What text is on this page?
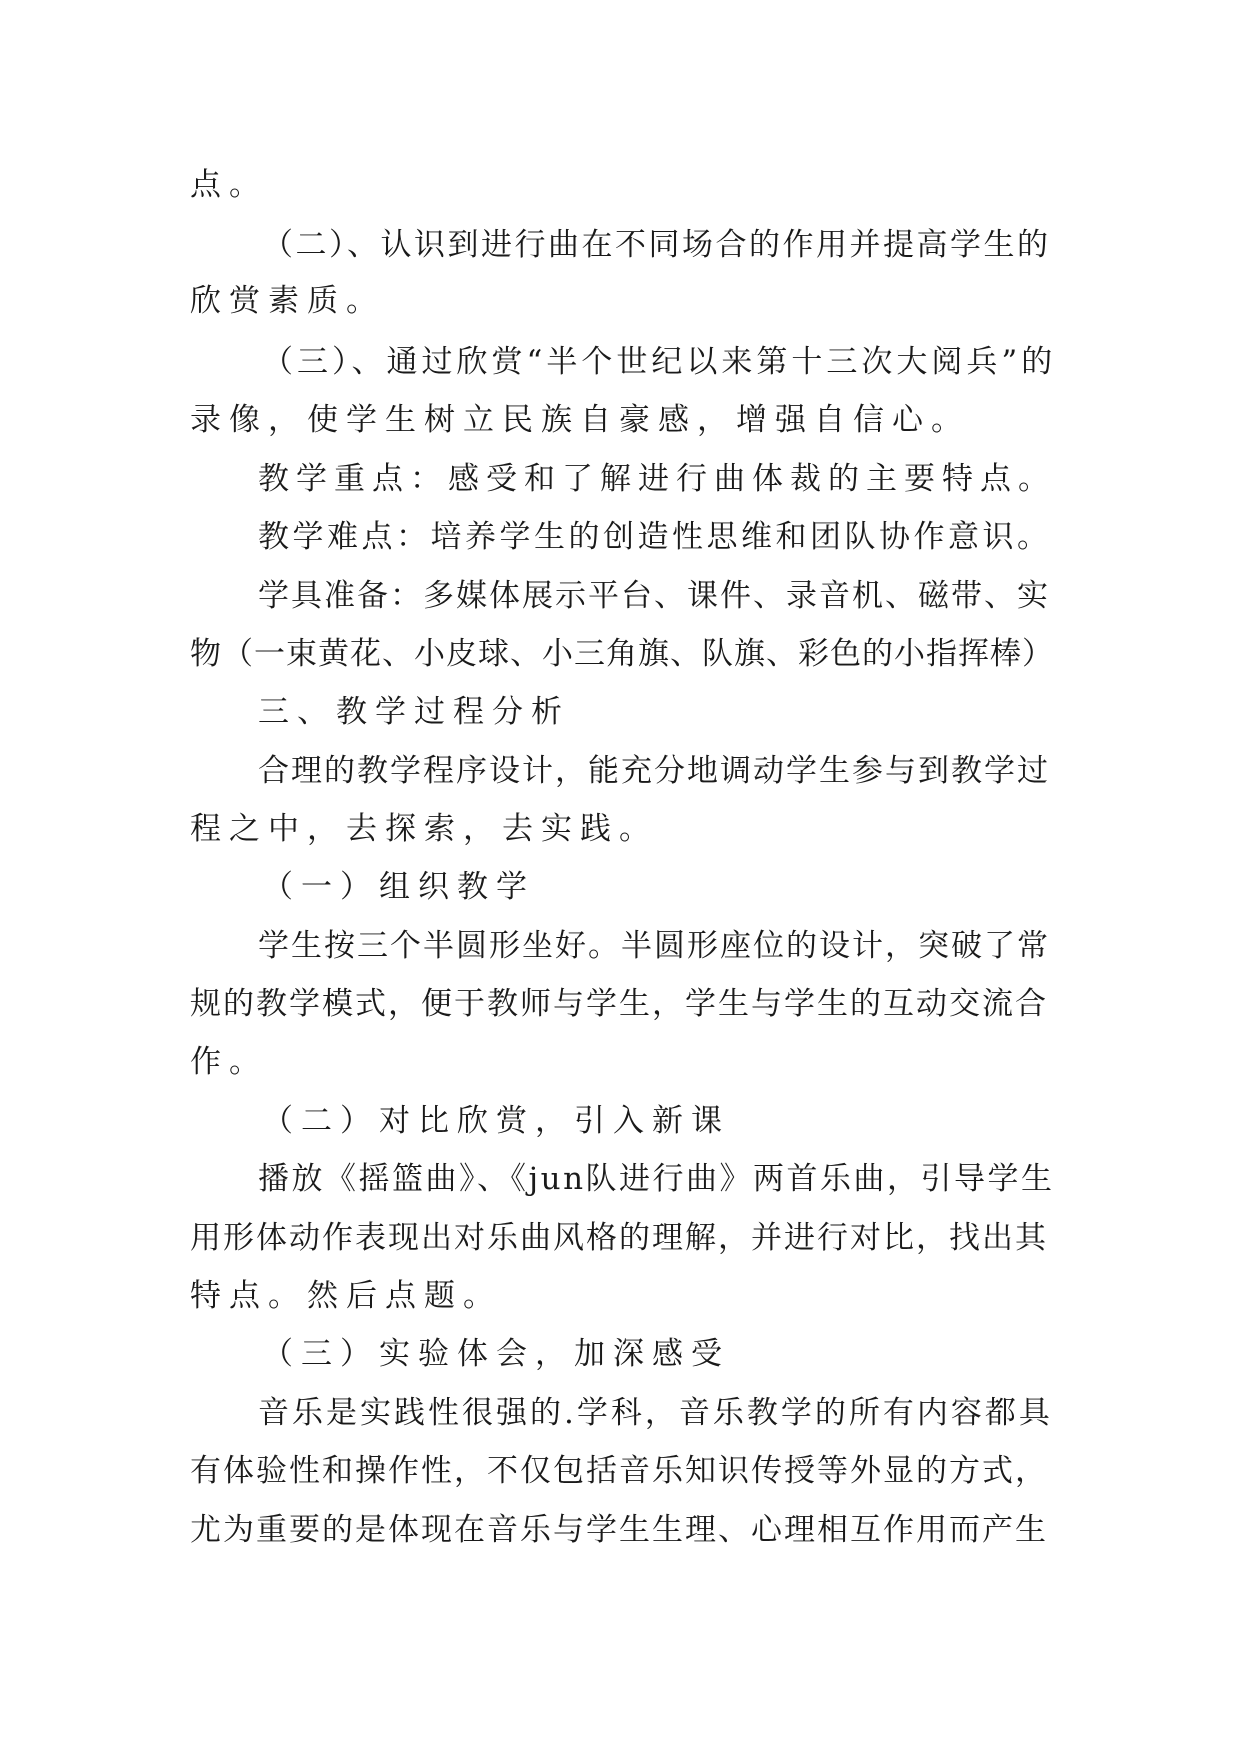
点。
（二）、认识到进行曲在不同场合的作用并提高学生的
欣赏素质。
（三）、通过欣赏“半个世纪以来第十三次大阅兵”的
录像，使学生树立民族自豪感，增强自信心。
教学重点：感受和了解进行曲体裁的主要特点。
教学难点：培养学生的创造性思维和团队协作意识。
学具准备：多媒体展示平台、课件、录音机、磁带、实
物（一束黄花、小皮球、小三角旗、队旗、彩色的小指挥棒）
三、教学过程分析
合理的教学程序设计，能充分地调动学生参与到教学过
程之中，去探索，去实践。
（一）组织教学
学生按三个半圆形坐好。半圆形座位的设计，突破了常
规的教学模式，便于教师与学生，学生与学生的互动交流合
作。
（二）对比欣赏，引入新课
播放《摇篮曲》、《jun队进行曲》两首乐曲，引导学生
用形体动作表现出对乐曲风格的理解，并进行对比，找出其
特点。然后点题。
（三）实验体会，加深感受
音乐是实践性很强的.学科，音乐教学的所有内容都具
有体验性和操作性，不仅包括音乐知识传授等外显的方式，
尤为重要的是体现在音乐与学生生理、心理相互作用而产生
